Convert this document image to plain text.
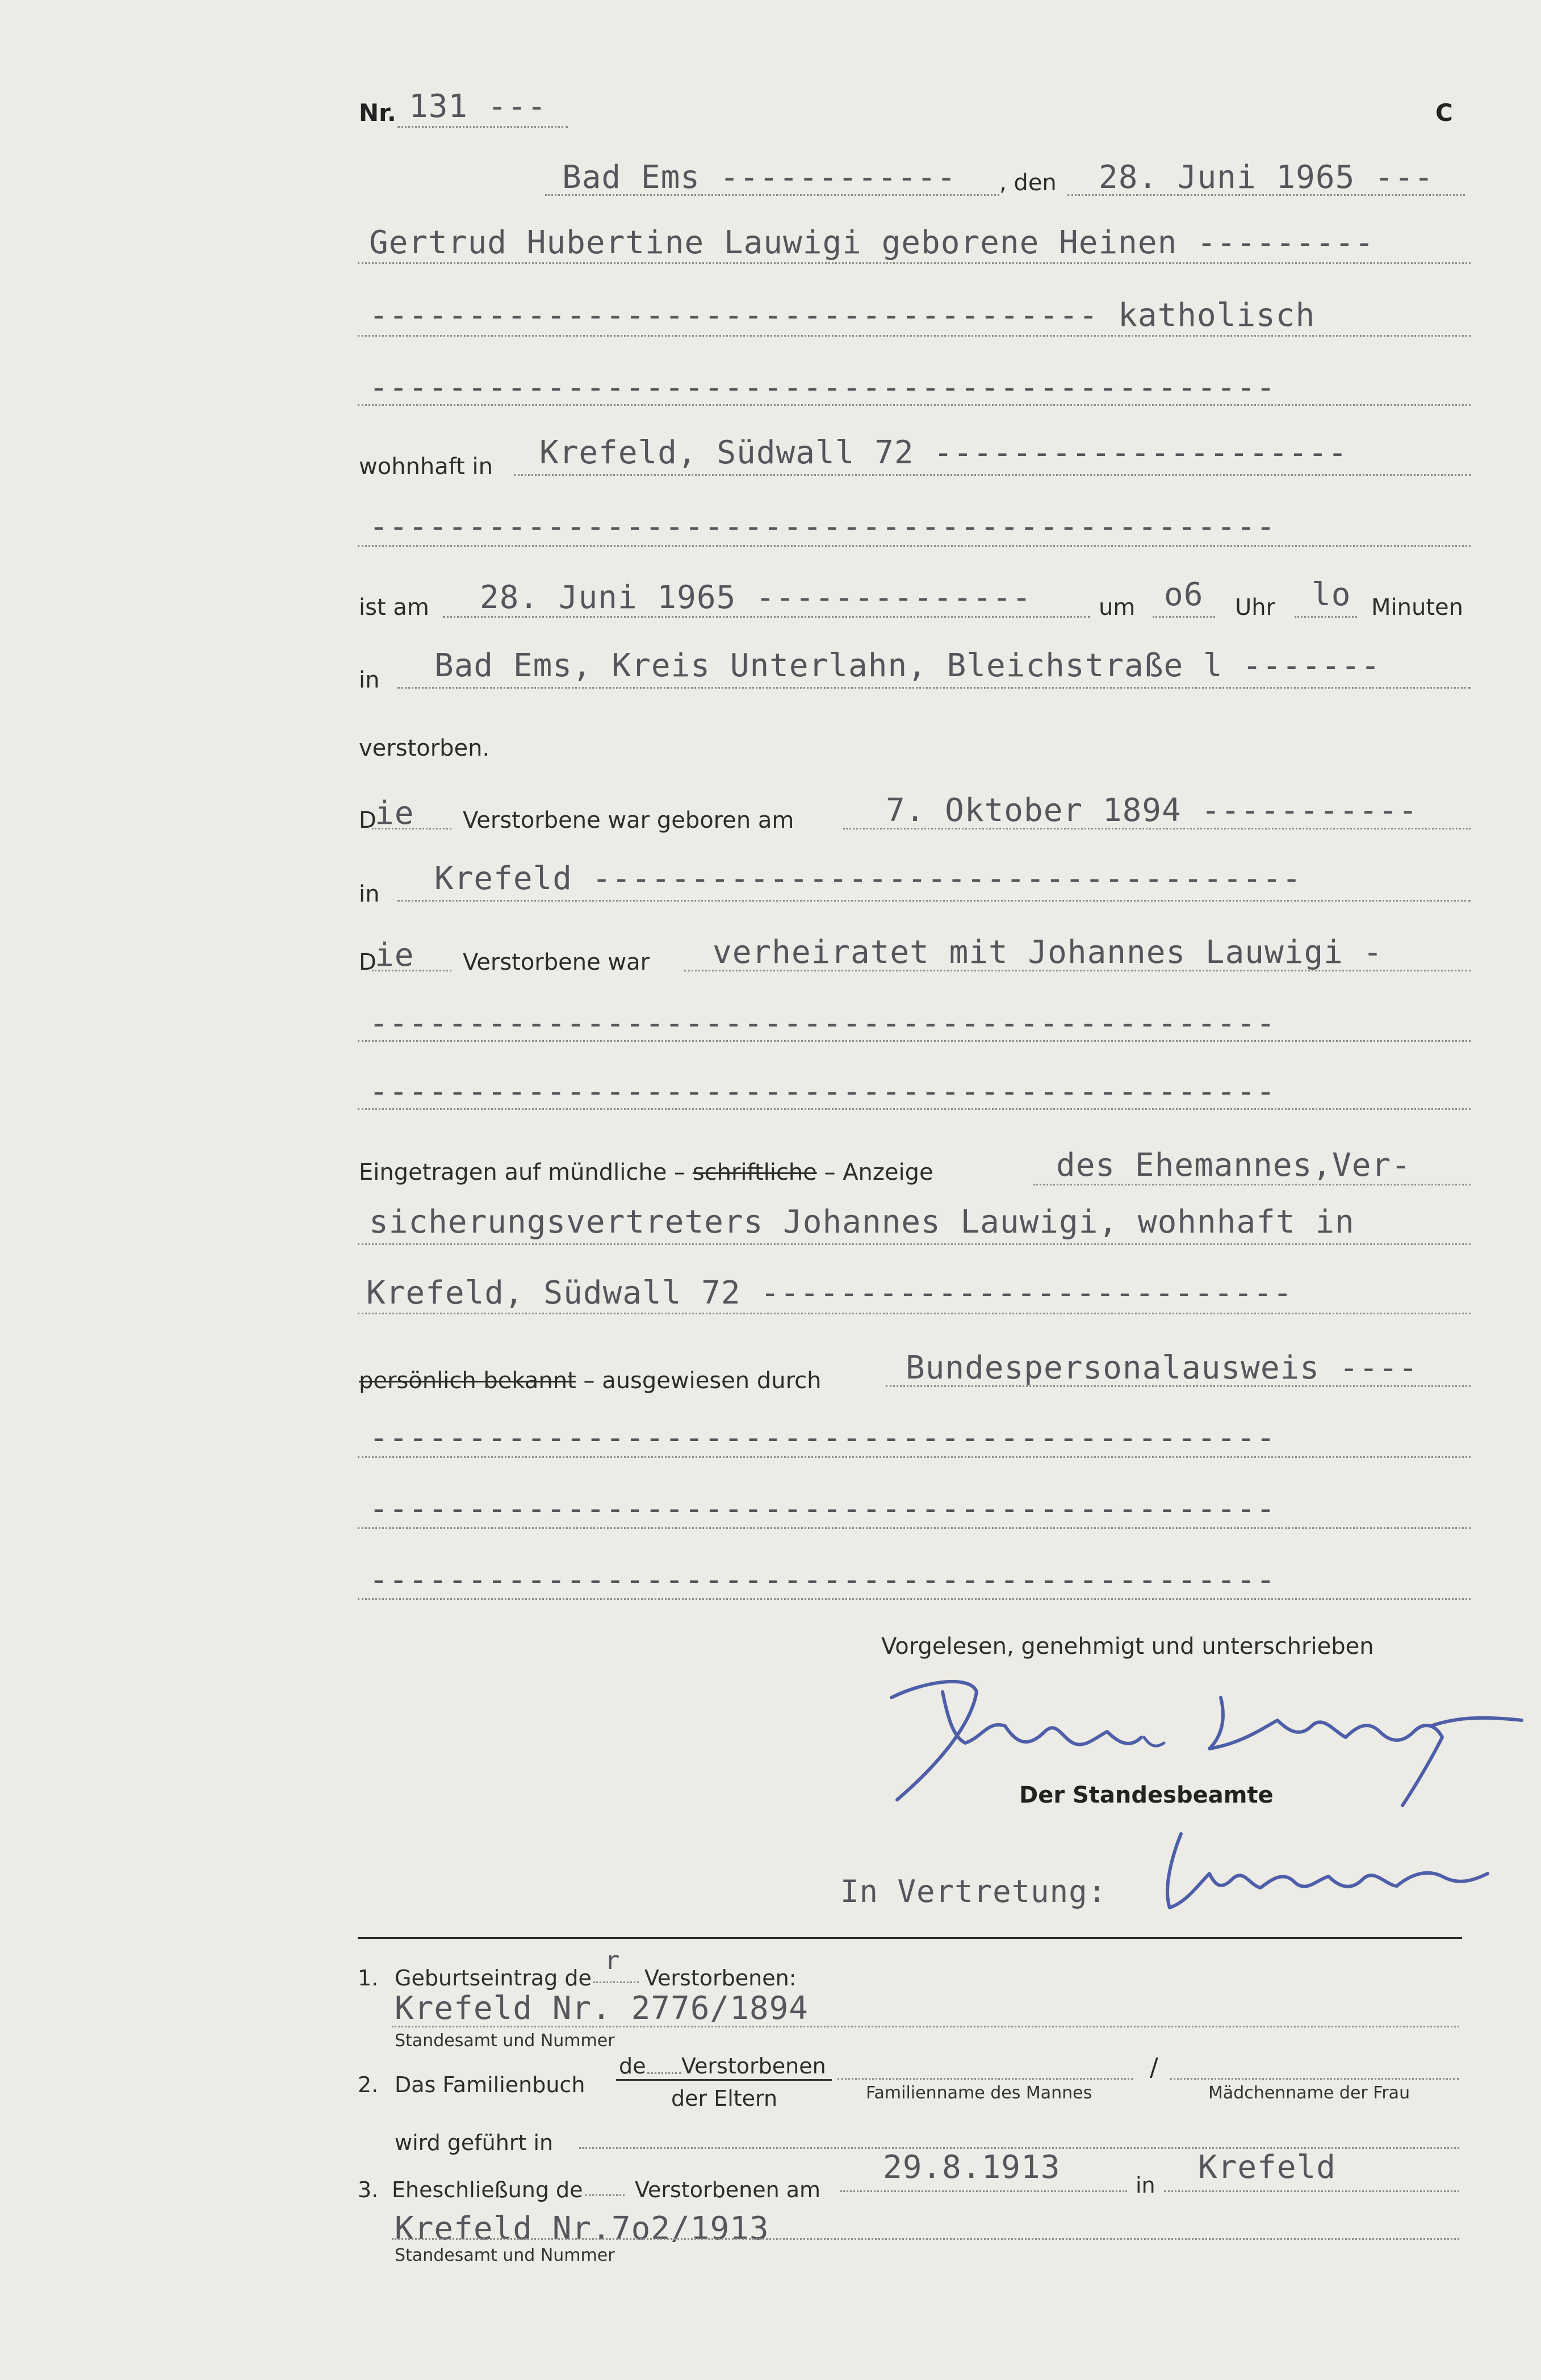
Nr. 131 ---	C
Bad Ems ------------ , den 28. Juni 1965 ---
Gertrud Hubertine Lauwigi geborene Heinen ---------
------------------------------------- katholisch
----------------------------------------------
wohnhaft in Krefeld, Südwall 72 ---------------------
----------------------------------------------
ist am 28. Juni 1965 --------------	um o6 Uhr lo Minuten
in Bad Ems, Kreis Unterlahn, Bleichstraße l -------
verstorben.
D
ie Verstorbene war geboren am	7. Oktober 1894 -----------
in Krefeld ------------------------------------
D
ie Verstorbene war verheiratet mit Johannes Lauwigi -
----------------------------------------------
----------------------------------------------
Eingetragen auf mündliche – schriftliche – Anzeige	des Ehemannes,Ver-
sicherungsvertreters Johannes Lauwigi, wohnhaft in
Krefeld, Südwall 72 ---------------------------
persönlich bekannt – ausgewiesen durch	Bundespersonalausweis ----
----------------------------------------------
----------------------------------------------
----------------------------------------------
Vorgelesen, genehmigt und unterschrieben
Der Standesbeamte
In Vertretung:
1. Geburtseintrag de
r
Verstorbenen:
Krefeld Nr. 2776/1894
Standesamt und Nummer
2. Das Familienbuch
de Verstorbenen
der Eltern	Familienname des Mannes
/
Mädchenname der Frau
wird geführt in
3. Eheschließung de Verstorbenen am
29.8.1913	in Krefeld
Krefeld Nr.7o2/1913
Standesamt und Nummer
